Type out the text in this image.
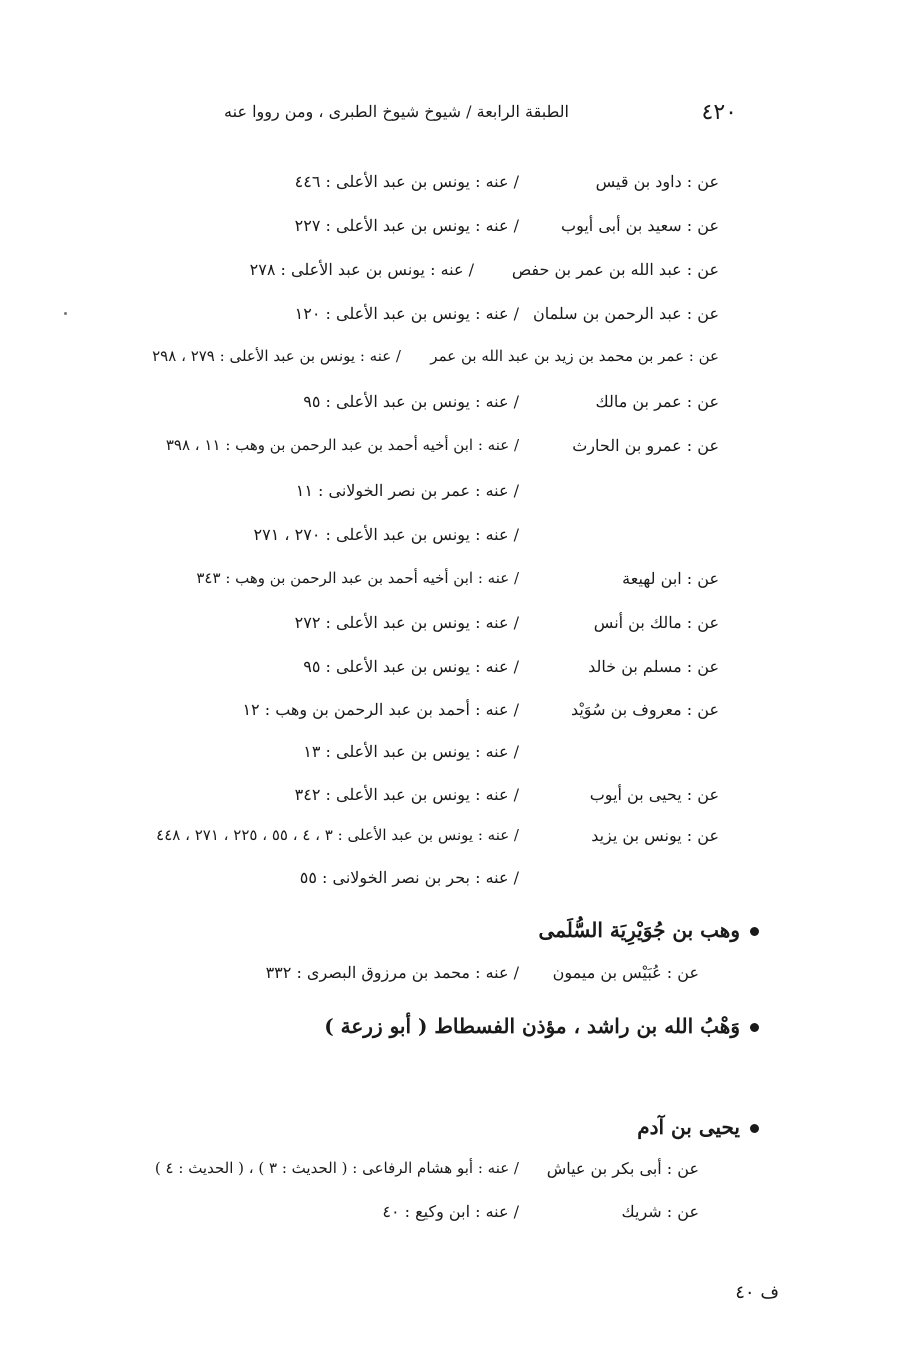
٤٢٠
الطبقة الرابعة / شيوخ شيوخ الطبرى ، ومن رووا عنه
عن : داود بن قيس
/ عنه : يونس بن عبد الأعلى : ٤٤٦
عن : سعيد بن أبى أيوب
/ عنه : يونس بن عبد الأعلى : ٢٢٧
عن : عبد الله بن عمر بن حفص
/ عنه : يونس بن عبد الأعلى : ٢٧٨
عن : عبد الرحمن بن سلمان
/ عنه : يونس بن عبد الأعلى : ١٢٠
عن : عمر بن محمد بن زيد بن عبد الله بن عمر
/ عنه : يونس بن عبد الأعلى : ٢٧٩ ، ٢٩٨
عن : عمر بن مالك
/ عنه : يونس بن عبد الأعلى : ٩٥
عن : عمرو بن الحارث
/ عنه : ابن أخيه أحمد بن عبد الرحمن بن وهب : ١١ ، ٣٩٨
/ عنه : عمر بن نصر الخولانى : ١١
/ عنه : يونس بن عبد الأعلى : ٢٧٠ ، ٢٧١
عن : ابن لهيعة
/ عنه : ابن أخيه أحمد بن عبد الرحمن بن وهب : ٣٤٣
عن : مالك بن أنس
/ عنه : يونس بن عبد الأعلى : ٢٧٢
عن : مسلم بن خالد
/ عنه : يونس بن عبد الأعلى : ٩٥
عن : معروف بن سُوَيْد
/ عنه : أحمد بن عبد الرحمن بن وهب : ١٢
/ عنه : يونس بن عبد الأعلى : ١٣
عن : يحيى بن أيوب
/ عنه : يونس بن عبد الأعلى : ٣٤٢
عن : يونس بن يزيد
/ عنه : يونس بن عبد الأعلى : ٣ ، ٤ ، ٥٥ ، ٢٢٥ ، ٢٧١ ، ٤٤٨
/ عنه : بحر بن نصر الخولانى : ٥٥
وهب بن جُوَيْرِيَة السُّلَمى
عن : عُبَيْس بن ميمون
/ عنه : محمد بن مرزوق البصرى : ٣٣٢
وَهْبُ الله بن راشد ، مؤذن الفسطاط ( أبو زرعة )
يحيى بن آدم
عن : أبى بكر بن عياش
/ عنه : أبو هشام الرفاعى : ( الحديث : ٣ ) ، ( الحديث : ٤ )
عن : شريك
/ عنه : ابن وكيع : ٤٠
ف ٤٠
